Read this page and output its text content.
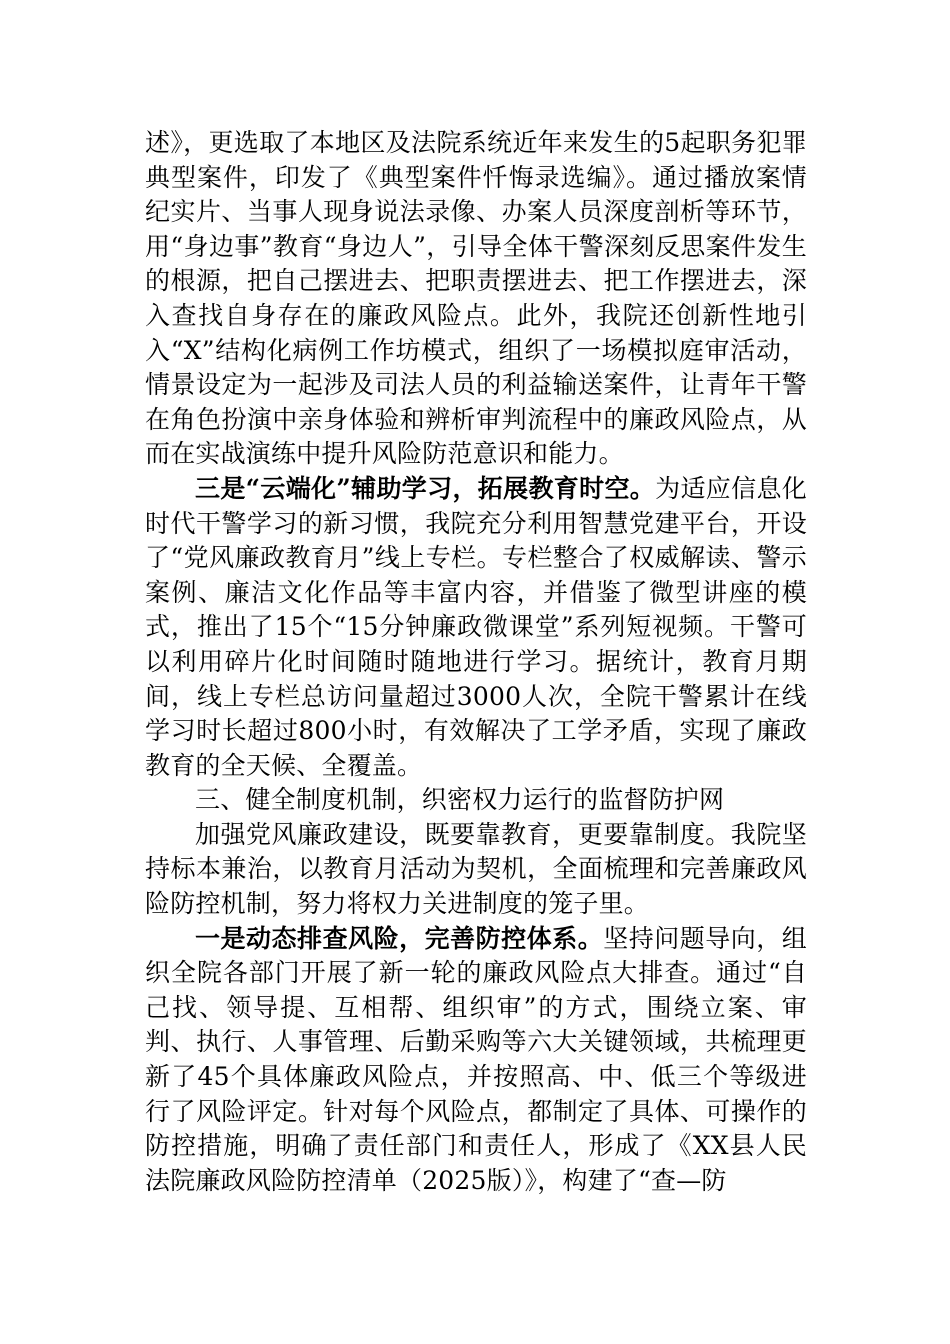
述》，更选取了本地区及法院系统近年来发生的5起职务犯罪典型案件，印发了《典型案件忏悔录选编》。通过播放案情纪实片、当事人现身说法录像、办案人员深度剖析等环节，用“身边事”教育“身边人”，引导全体干警深刻反思案件发生的根源，把自己摆进去、把职责摆进去、把工作摆进去，深入查找自身存在的廉政风险点。此外，我院还创新性地引入“X”结构化病例工作坊模式，组织了一场模拟庭审活动，情景设定为一起涉及司法人员的利益输送案件，让青年干警在角色扮演中亲身体验和辨析审判流程中的廉政风险点，从而在实战演练中提升风险防范意识和能力。

三是“云端化”辅助学习，拓展教育时空。为适应信息化时代干警学习的新习惯，我院充分利用智慧党建平台，开设了“党风廉政教育月”线上专栏。专栏整合了权威解读、警示案例、廉洁文化作品等丰富内容，并借鉴了微型讲座的模式，推出了15个“15分钟廉政微课堂”系列短视频。干警可以利用碎片化时间随时随地进行学习。据统计，教育月期间，线上专栏总访问量超过3000人次，全院干警累计在线学习时长超过800小时，有效解决了工学矛盾，实现了廉政教育的全天候、全覆盖。

三、健全制度机制，织密权力运行的监督防护网

加强党风廉政建设，既要靠教育，更要靠制度。我院坚持标本兼治，以教育月活动为契机，全面梳理和完善廉政风险防控机制，努力将权力关进制度的笼子里。

一是动态排查风险，完善防控体系。坚持问题导向，组织全院各部门开展了新一轮的廉政风险点大排查。通过“自己找、领导提、互相帮、组织审”的方式，围绕立案、审判、执行、人事管理、后勤采购等六大关键领域，共梳理更新了45个具体廉政风险点，并按照高、中、低三个等级进行了风险评定。针对每个风险点，都制定了具体、可操作的防控措施，明确了责任部门和责任人，形成了《XX县人民法院廉政风险防控清单（2025版）》，构建了“查—防
